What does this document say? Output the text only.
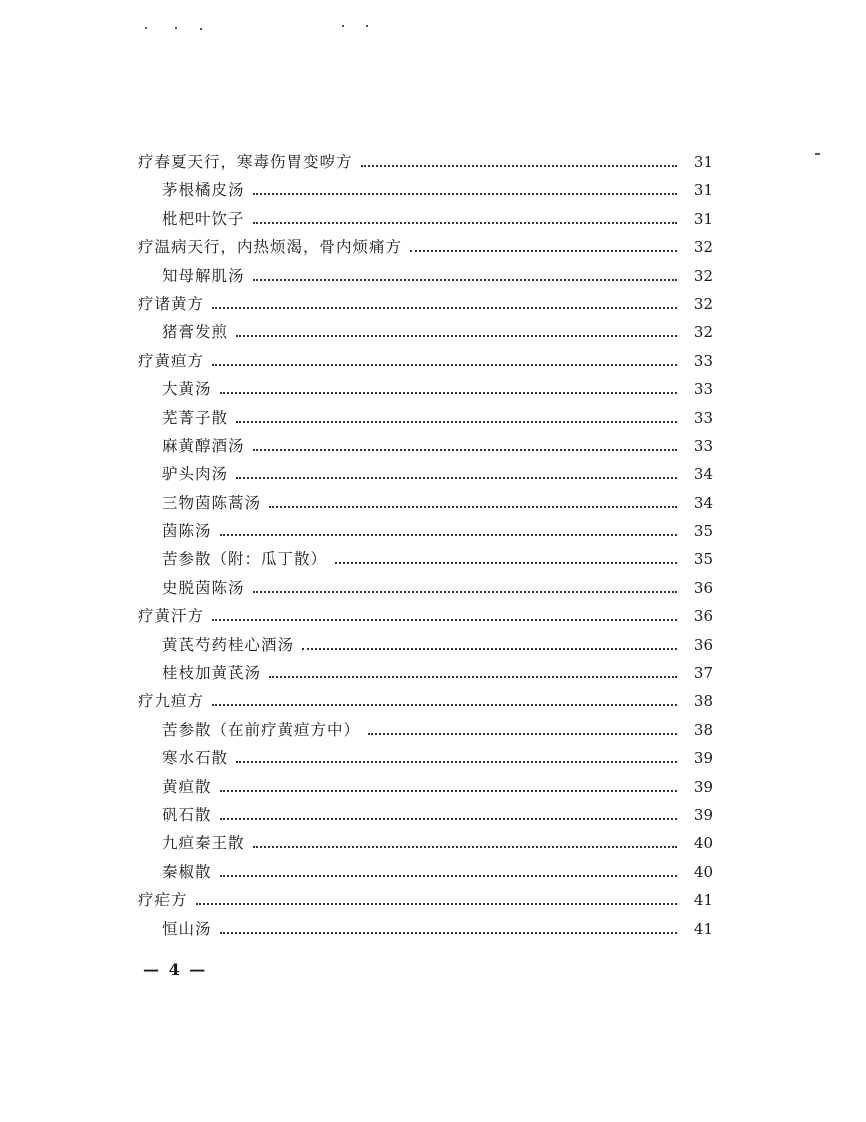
疗春夏天行，寒毒伤胃变哕方	31
茅根橘皮汤	31
枇杷叶饮子	31
疗温病天行，内热烦渴，骨内烦痛方	32
知母解肌汤	32
疗诸黄方	32
猪膏发煎	32
疗黄疸方	33
大黄汤	33
芜菁子散	33
麻黄醇酒汤	33
驴头肉汤	34
三物茵陈蒿汤	34
茵陈汤	35
苦参散（附：瓜丁散）	35
史脱茵陈汤	36
疗黄汗方	36
黄芪芍药桂心酒汤	36
桂枝加黄芪汤	37
疗九疸方	38
苦参散（在前疗黄疸方中）	38
寒水石散	39
黄疸散	39
矾石散	39
九疸秦王散	40
秦椒散	40
疗疟方	41
恒山汤	41
— 4 —
